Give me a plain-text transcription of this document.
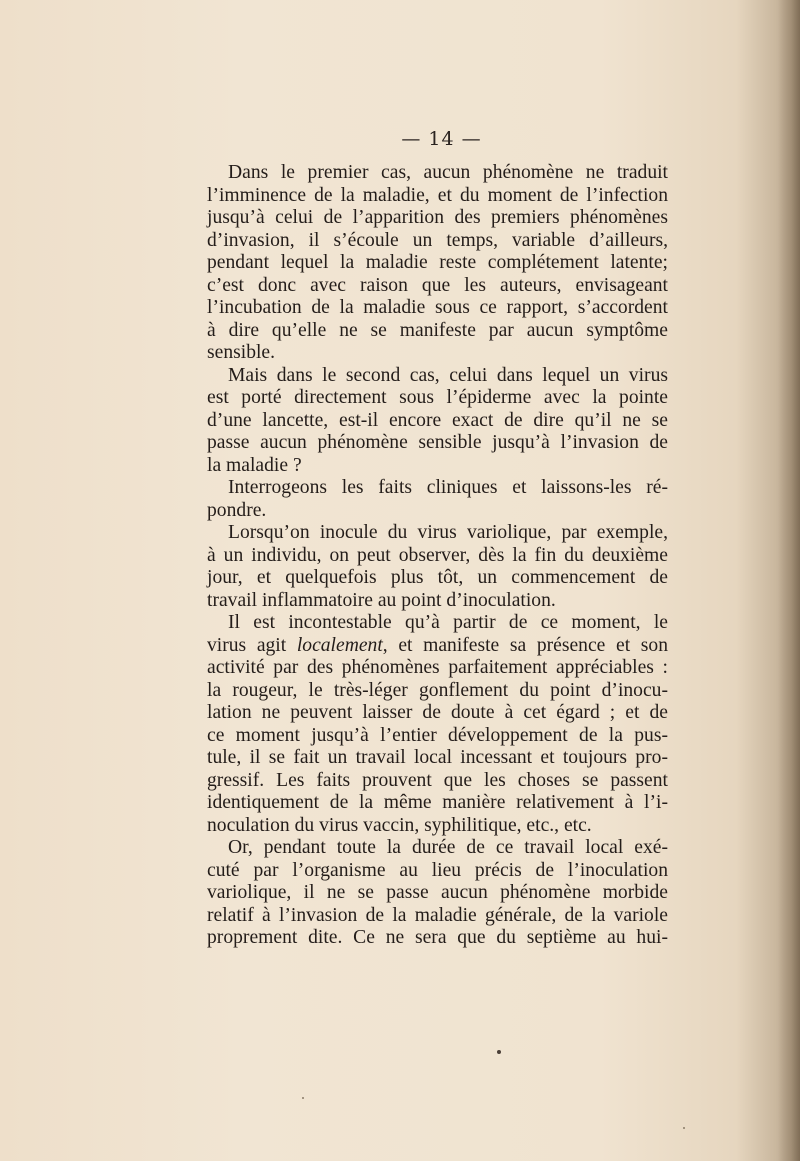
— 14 —
Dans le premier cas, aucun phénomène ne traduit
l’imminence de la maladie, et du moment de l’infection
jusqu’à celui de l’apparition des premiers phénomènes
d’invasion, il s’écoule un temps, variable d’ailleurs,
pendant lequel la maladie reste complétement latente;
c’est donc avec raison que les auteurs, envisageant
l’incubation de la maladie sous ce rapport, s’accordent
à dire qu’elle ne se manifeste par aucun symptôme
sensible.
Mais dans le second cas, celui dans lequel un virus
est porté directement sous l’épiderme avec la pointe
d’une lancette, est-il encore exact de dire qu’il ne se
passe aucun phénomène sensible jusqu’à l’invasion de
la maladie ?
Interrogeons les faits cliniques et laissons-les ré-
pondre.
Lorsqu’on inocule du virus variolique, par exemple,
à un individu, on peut observer, dès la fin du deuxième
jour, et quelquefois plus tôt, un commencement de
travail inflammatoire au point d’inoculation.
Il est incontestable qu’à partir de ce moment, le
virus agit localement, et manifeste sa présence et son
activité par des phénomènes parfaitement appréciables :
la rougeur, le très-léger gonflement du point d’inocu-
lation ne peuvent laisser de doute à cet égard ; et de
ce moment jusqu’à l’entier développement de la pus-
tule, il se fait un travail local incessant et toujours pro-
gressif. Les faits prouvent que les choses se passent
identiquement de la même manière relativement à l’i-
noculation du virus vaccin, syphilitique, etc., etc.
Or, pendant toute la durée de ce travail local exé-
cuté par l’organisme au lieu précis de l’inoculation
variolique, il ne se passe aucun phénomène morbide
relatif à l’invasion de la maladie générale, de la variole
proprement dite. Ce ne sera que du septième au hui-
